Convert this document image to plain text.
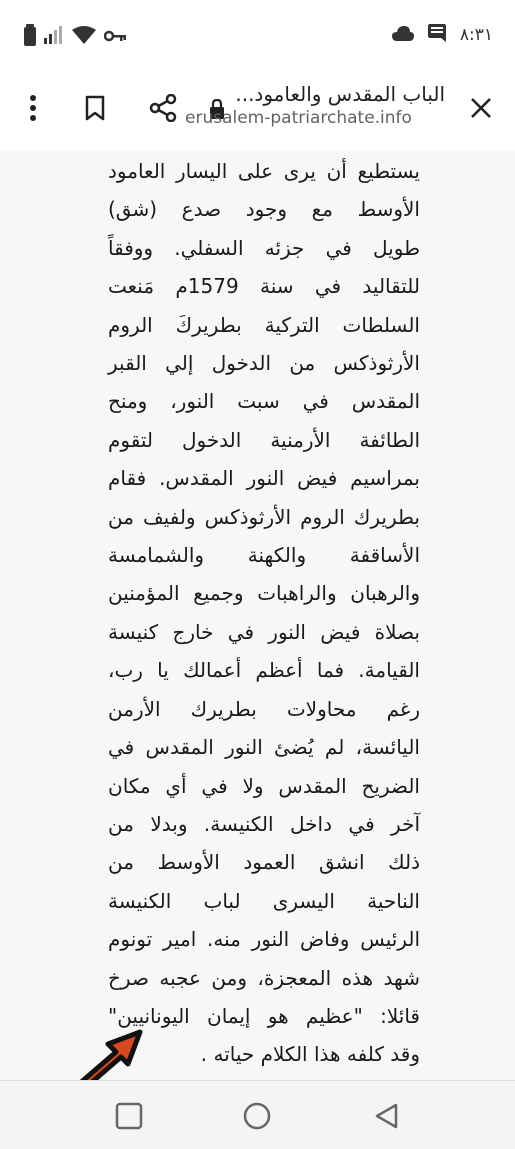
٨:٣١
الباب المقدس والعامود...
erusalem-patriarchate.info
يستطيع أن يرى على اليسار العامود
الأوسط مع وجود صدع (شق)
طويل في جزئه السفلي. ووفقاً
للتقاليد في سنة 1579م مَنعت
السلطات التركية بطريركَ الروم
الأرثوذكس من الدخول إلي القبر
المقدس في سبت النور، ومنح
الطائفة الأرمنية الدخول لتقوم
بمراسيم فيض النور المقدس. فقام
بطريرك الروم الأرثوذكس ولفيف من
الأساقفة والكهنة والشمامسة
والرهبان والراهبات وجميع المؤمنين
بصلاة فيض النور في خارج كنيسة
القيامة. فما أعظم أعمالك يا رب،
رغم محاولات بطريرك الأرمن
اليائسة، لم يُضئ النور المقدس في
الضريح المقدس ولا في أي مكان
آخر في داخل الكنيسة. وبدلا من
ذلك انشق العمود الأوسط من
الناحية اليسرى لباب الكنيسة
الرئيس وفاض النور منه. امير تونوم
شهد هذه المعجزة، ومن عجبه صرخ
قائلا: "عظيم هو إيمان اليونانيين"
وقد كلفه هذا الكلام حياته .
